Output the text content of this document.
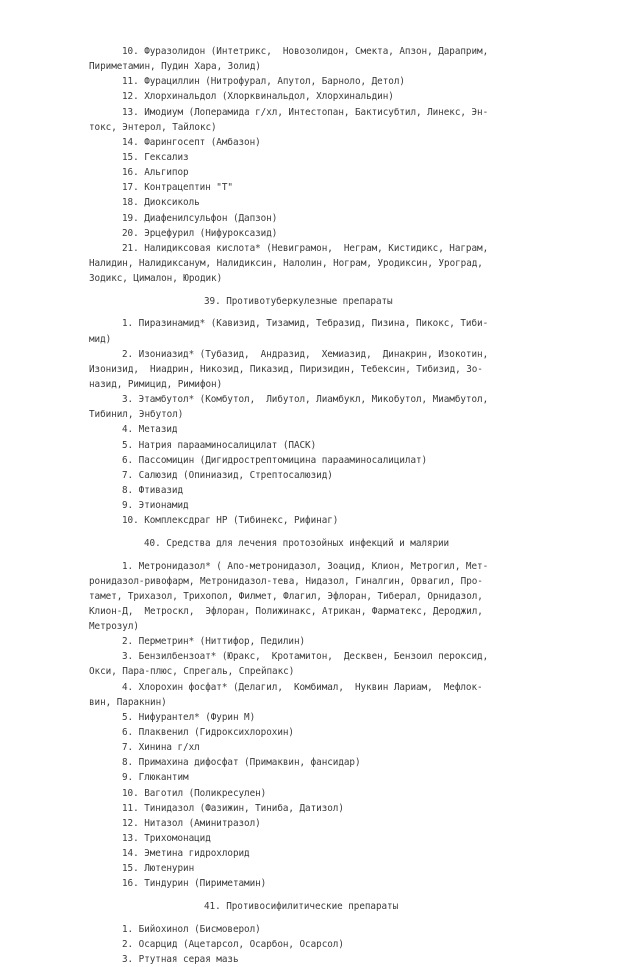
10. Фуразолидон (Интетрикс,  Новозолидон, Смекта, Апзон, Дараприм,
Пириметамин, Пудин Хара, Золид)
11. Фурациллин (Нитрофурал, Апутол, Барноло, Детол)
12. Хлорхинальдол (Хлорквинальдол, Хлорхинальдин)
13. Имодиум (Лоперамида г/хл, Интестопан, Бактисубтил, Линекс, Эн-
токс, Энтерол, Тайлокс)
14. Фарингосепт (Амбазон)
15. Гексализ
16. Альгипор
17. Контрацептин "Т"
18. Диоксиколь
19. Диафенилсульфон (Дапзон)
20. Эрцефурил (Нифуроксазид)
21. Налидиксовая кислота* (Невиграмон,  Неграм, Кистидикс, Награм,
Налидин, Налидиксанум, Налидиксин, Налолин, Нограм, Уродиксин, Уроград,
Зодикс, Цималон, Юродик)
39. Противотуберкулезные препараты
1. Пиразинамид* (Кавизид, Тизамид, Тебразид, Пизина, Пикокс, Тиби-
мид)
2. Изониазид* (Тубазид,  Андразид,  Хемиазид,  Динакрин, Изокотин,
Изонизид,  Ниадрин, Никозид, Пиказид, Пиризидин, Тебексин, Тибизид, Зо-
назид, Римицид, Римифон)
3. Этамбутол* (Комбутол,  Либутол, Лиамбукл, Микобутол, Миамбутол,
Тибинил, Энбутол)
4. Метазид
5. Натрия парааминосалицилат (ПАСК)
6. Пассомицин (Дигидрострептомицина парааминосалицилат)
7. Салюзид (Опиниазид, Стрептосалюзид)
8. Фтивазид
9. Этионамид
10. Комплексдраг НР (Тибинекс, Рифинаг)
40. Средства для лечения протозойных инфекций и малярии
1. Метронидазол* ( Апо-метронидазол, Зоацид, Клион, Метрогил, Мет-
ронидазол-ривофарм, Метронидазол-тева, Нидазол, Гиналгин, Орвагил, Про-
тамет, Трихазол, Трихопол, Филмет, Флагил, Эфлоран, Тиберал, Орнидазол,
Клион-Д,  Метроскл,  Эфлоран, Полижинакс, Атрикан, Фарматекс, Дероджил,
Метрозул)
2. Перметрин* (Ниттифор, Педилин)
3. Бензилбензоат* (Юракс,  Кротамитон,  Десквен, Бензоил пероксид,
Окси, Пара-плюс, Спрегаль, Спрейпакс)
4. Хлорохин фосфат* (Делагил,  Комбимал,  Нуквин Лариам,  Мефлок-
вин, Паракнин)
5. Нифурантел* (Фурин М)
6. Плаквенил (Гидроксихлорохин)
7. Хинина г/хл
8. Примахина дифосфат (Примаквин, фансидар)
9. Глюкантим
10. Ваготил (Поликресулен)
11. Тинидазол (Фазижин, Тиниба, Датизол)
12. Нитазол (Аминитразол)
13. Трихомонацид
14. Эметина гидрохлорид
15. Лютенурин
16. Тиндурин (Пириметамин)
41. Противосифилитические препараты
1. Бийохинол (Бисмоверол)
2. Осарцид (Ацетарсол, Осарбон, Осарсол)
3. Ртутная серая мазь
